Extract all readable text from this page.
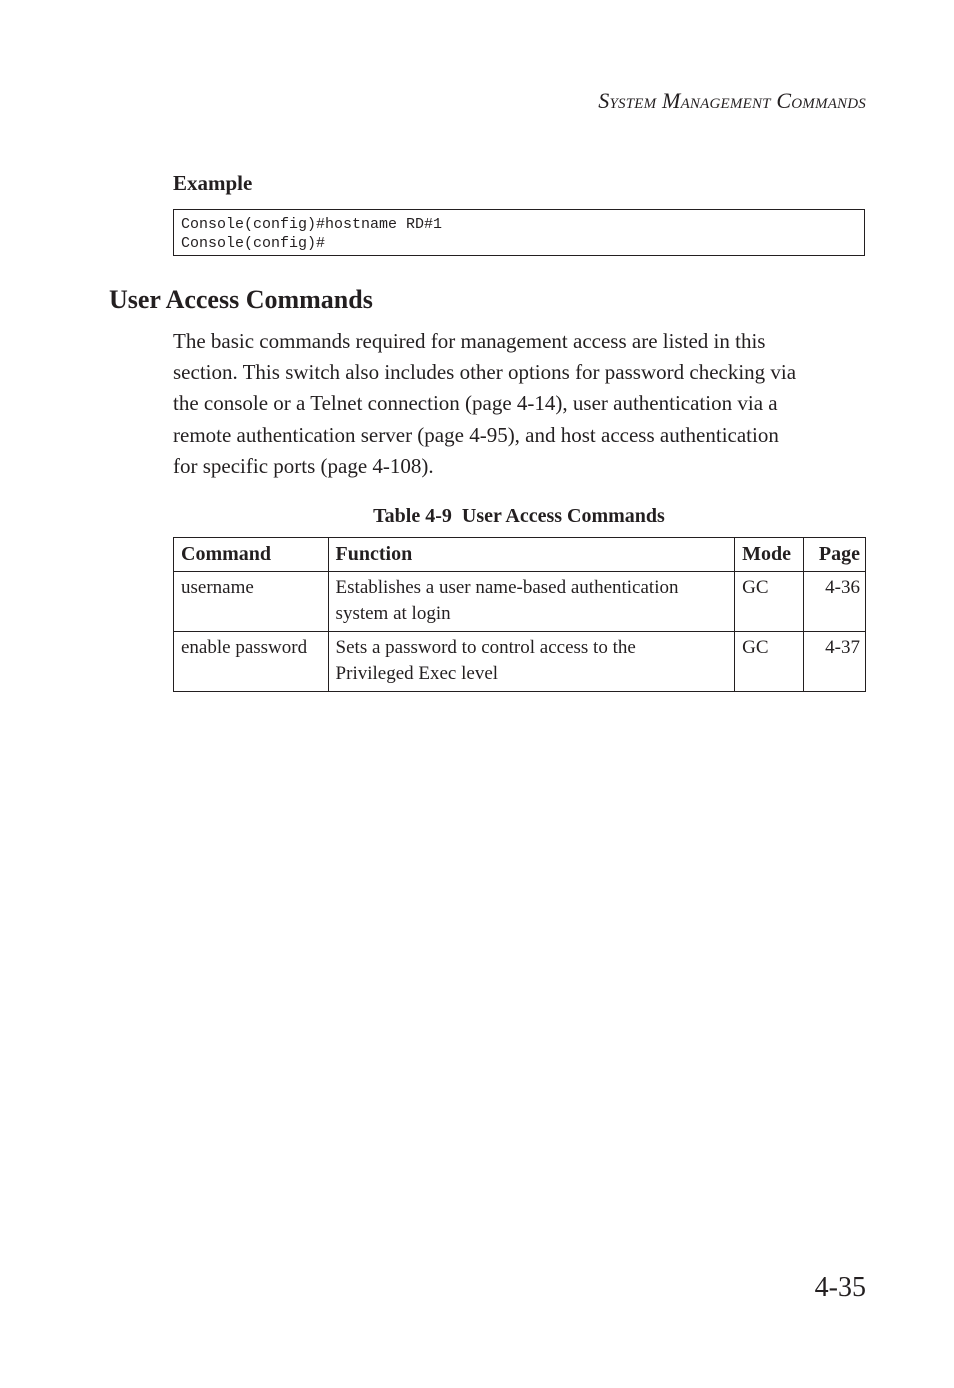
System Management Commands
Example
Console(config)#hostname RD#1
Console(config)#
User Access Commands
The basic commands required for management access are listed in this
section. This switch also includes other options for password checking via
the console or a Telnet connection (page 4-14), user authentication via a
remote authentication server (page 4-95), and host access authentication
for specific ports (page 4-108).
Table 4-9  User Access Commands
Command	Function	Mode	Page
username	Establishes a user name-based authentication
system at login	GC	4-36
enable password	Sets a password to control access to the
Privileged Exec level	GC	4-37
4-35
